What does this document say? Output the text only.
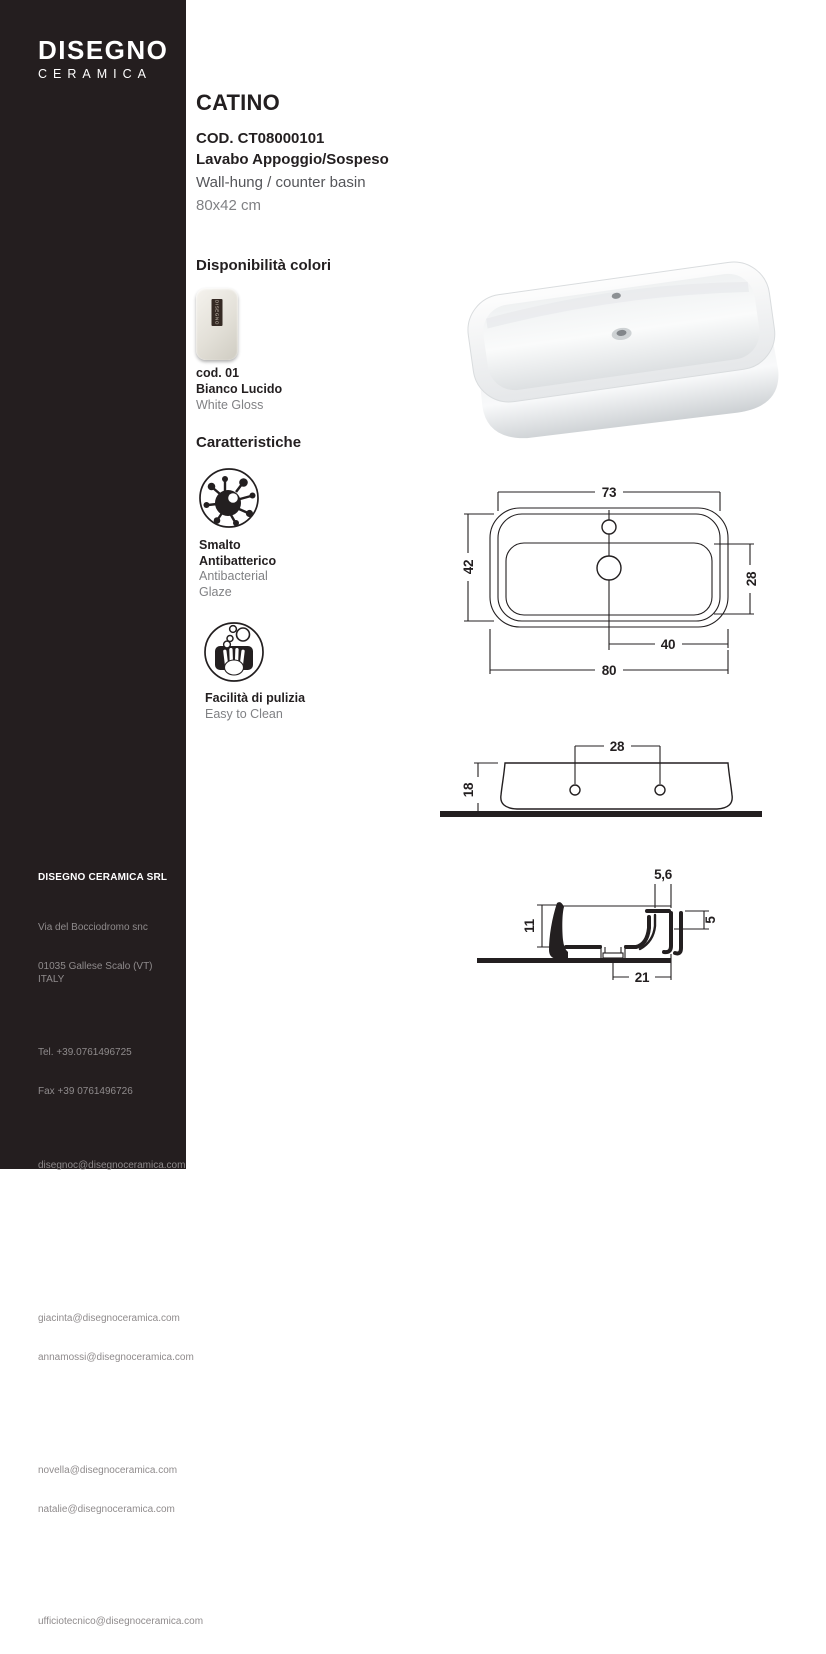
DISEGNO
CERAMICA

DISEGNO CERAMICA SRL

Via del Bocciodromo snc

01035 Gallese Scalo (VT)  ITALY

Tel. +39.0761496725

Fax +39 0761496726

disegnoc@disegnoceramica.com

Ufficio Commerciale ITALIA

giacinta@disegnoceramica.com

annamossi@disegnoceramica.com

Ufficio Export

novella@disegnoceramica.com

natalie@disegnoceramica.com

Ufficio Tecnico

ufficiotecnico@disegnoceramica.com

CATINO
COD. CT08000101
Lavabo Appoggio/Sospeso
Wall-hung / counter basin
80x42 cm
Disponibilità colori
DISEGNO
cod. 01
Bianco Lucido
White Gloss
Caratteristiche
Smalto
Antibatterico
Antibacterial
Glaze
Facilità di pulizia
Easy to Clean
73
42
28
40
80
28
18
5,6
5
11
21
